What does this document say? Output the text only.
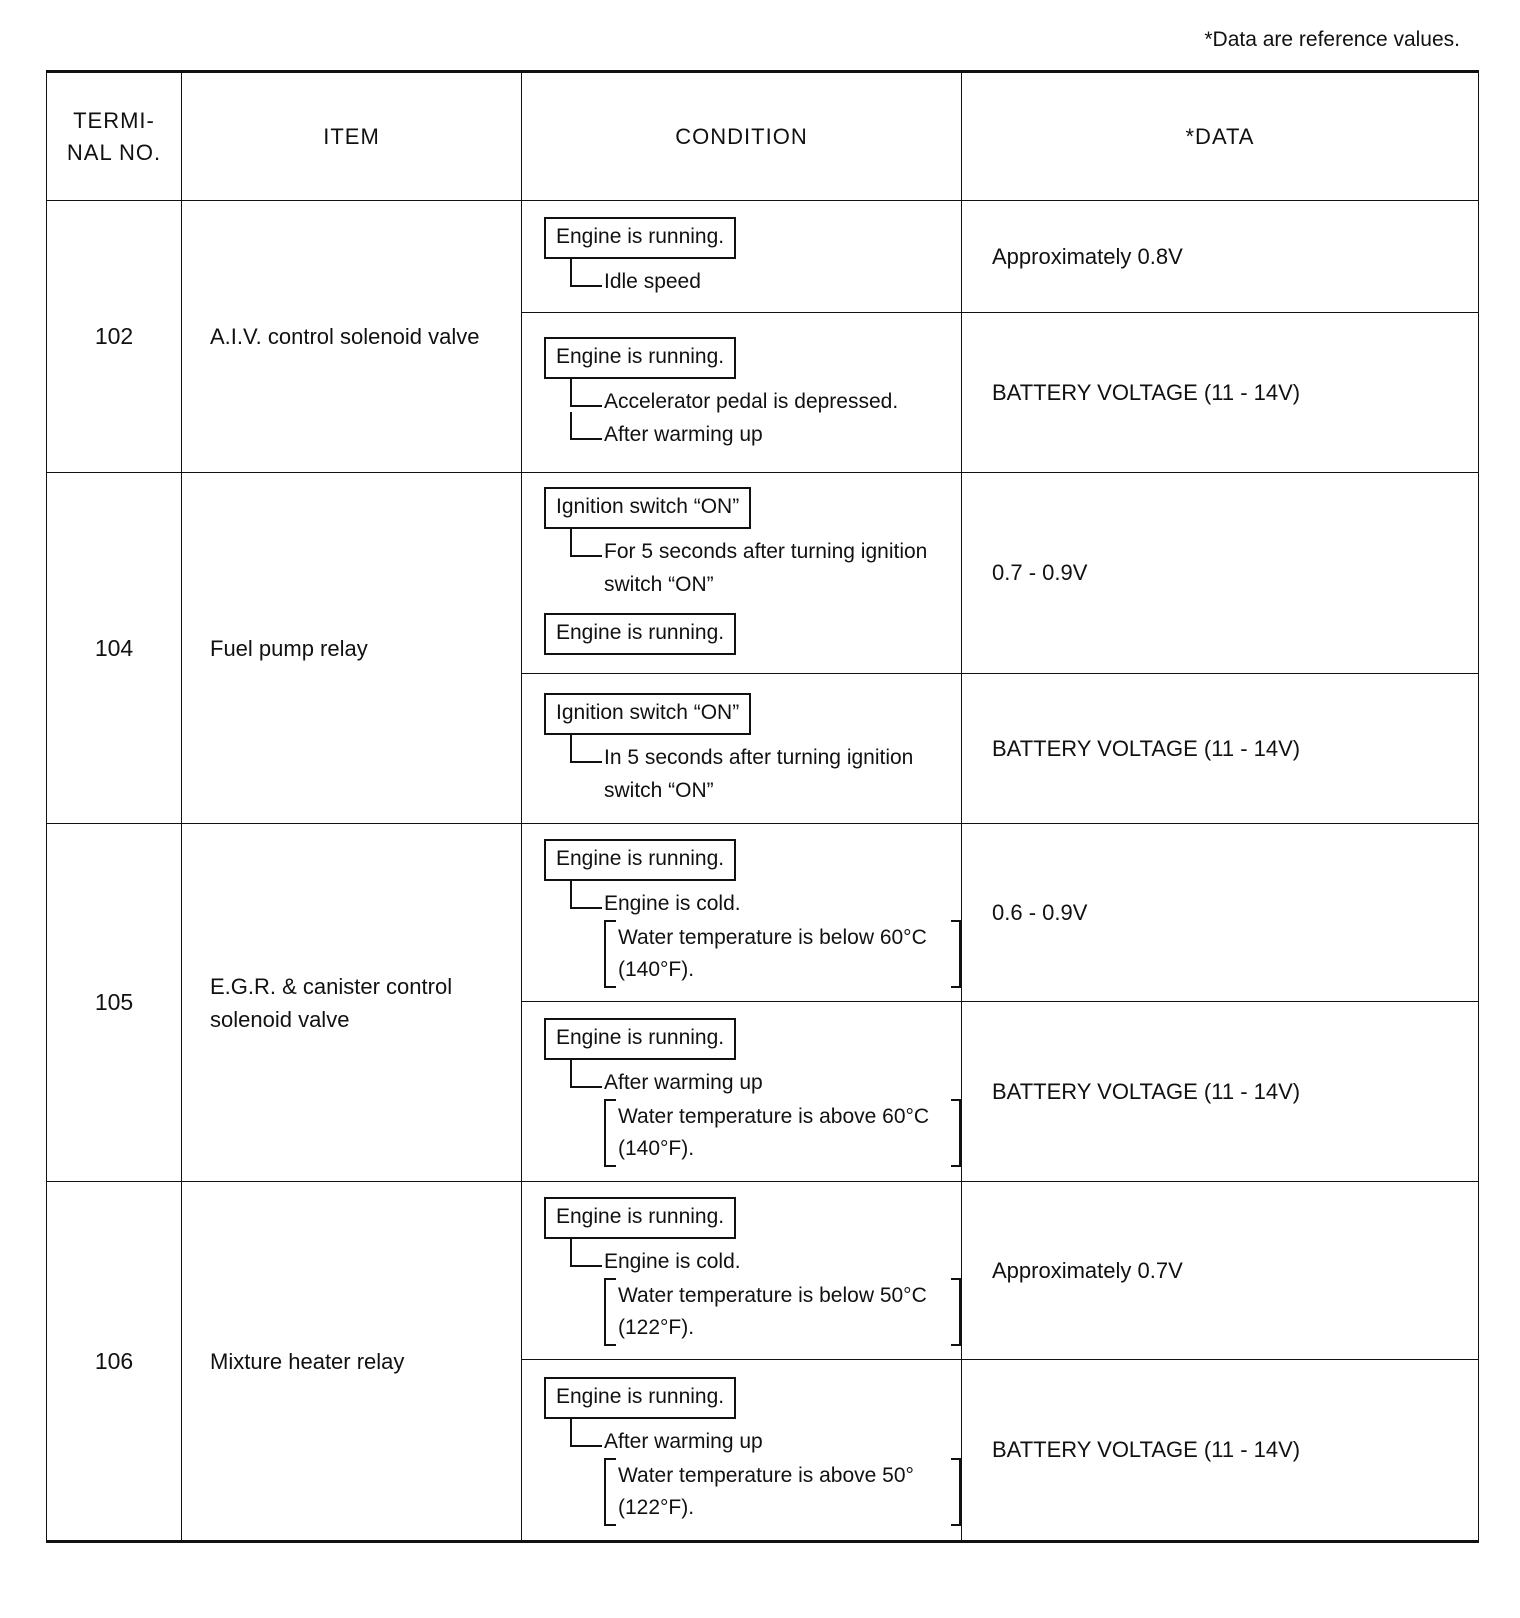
*Data are reference values.
TERMI- NAL NO.	ITEM	CONDITION	*DATA
102	A.I.V. control solenoid valve	Engine is running.
Idle speed	Approximately 0.8V

		Engine is running.
Accelerator pedal is depressed.
After warming up	BATTERY VOLTAGE (11 - 14V)
104	Fuel pump relay	Ignition switch “ON”
For 5 seconds after turning ignition switch “ON”
Engine is running.	0.7 - 0.9V

		Ignition switch “ON”
In 5 seconds after turning ignition switch “ON”	BATTERY VOLTAGE (11 - 14V)
105	E.G.R. & canister control solenoid valve	Engine is running.
Engine is cold.
Water temperature is below 60°C (140°F).	0.6 - 0.9V

		Engine is running.
After warming up
Water temperature is above 60°C (140°F).	BATTERY VOLTAGE (11 - 14V)
106	Mixture heater relay	Engine is running.
Engine is cold.
Water temperature is below 50°C (122°F).	Approximately 0.7V

		Engine is running.
After warming up
Water temperature is above 50° (122°F).	BATTERY VOLTAGE (11 - 14V)
